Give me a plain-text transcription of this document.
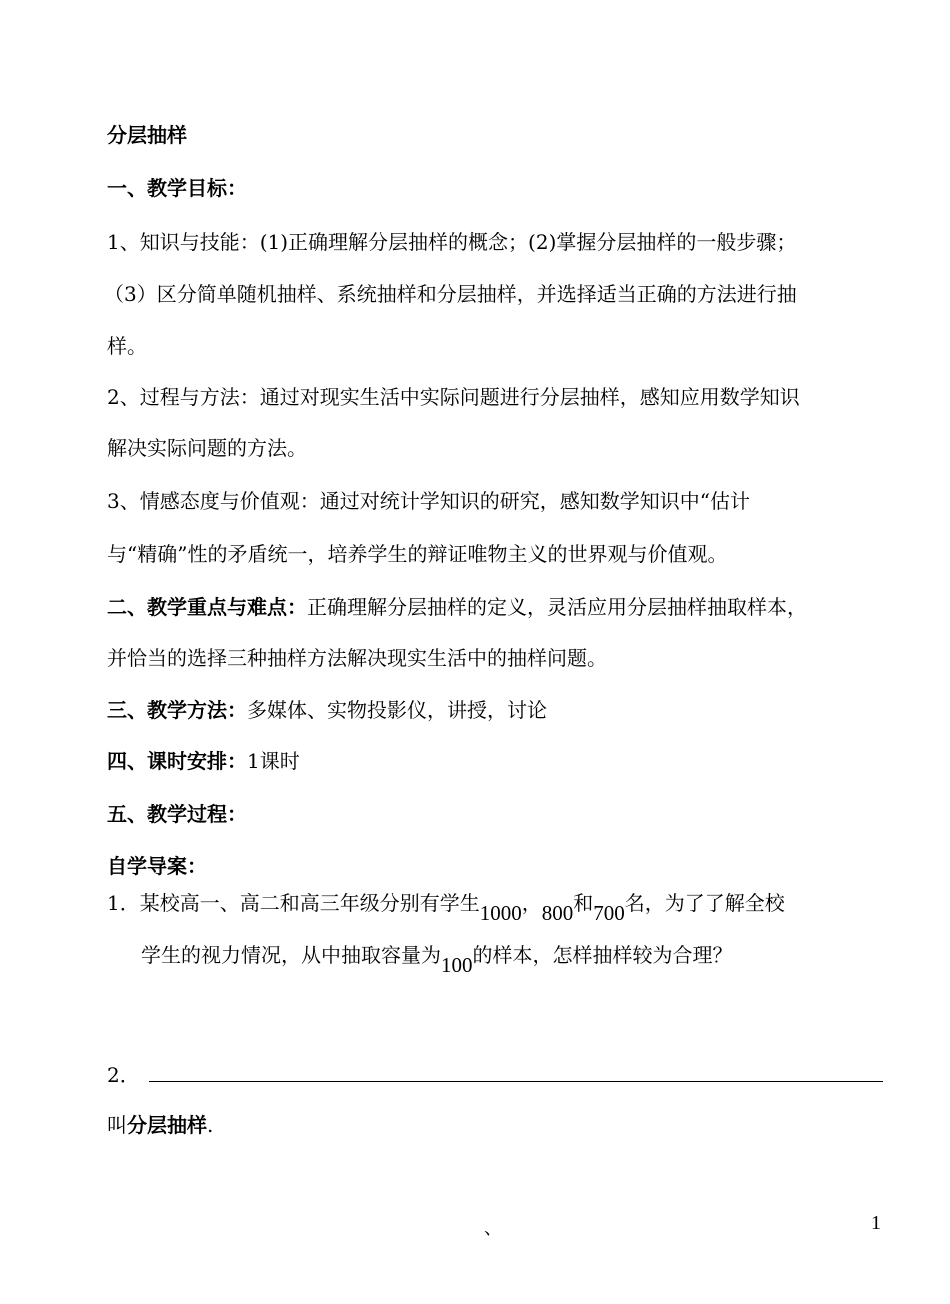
分层抽样
一、教学目标：
1、知识与技能：(1)正确理解分层抽样的概念；(2)掌握分层抽样的一般步骤；
（3）区分简单随机抽样、系统抽样和分层抽样，并选择适当正确的方法进行抽
样。
2、过程与方法：通过对现实生活中实际问题进行分层抽样，感知应用数学知识
解决实际问题的方法。
3、情感态度与价值观：通过对统计学知识的研究，感知数学知识中“估计
与“精确”性的矛盾统一，培养学生的辩证唯物主义的世界观与价值观。
二、教学重点与难点：正确理解分层抽样的定义，灵活应用分层抽样抽取样本，
并恰当的选择三种抽样方法解决现实生活中的抽样问题。
三、教学方法：多媒体、实物投影仪，讲授，讨论
四、课时安排：1课时
五、教学过程：
自学导案：
1．某校高一、高二和高三年级分别有学生1000，800和700名，为了了解全校
学生的视力情况，从中抽取容量为100的样本，怎样抽样较为合理？
2．
叫分层抽样.
、	1
